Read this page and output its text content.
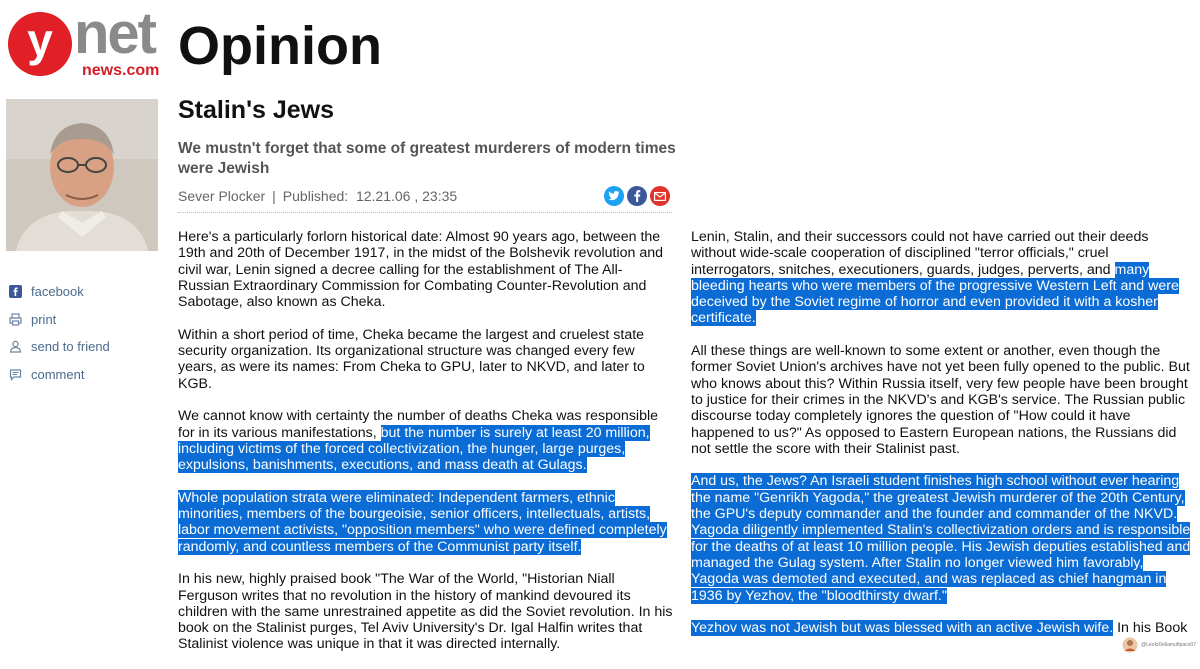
y net
news.com Opinion
facebook
print
send to friend
comment
Stalin's Jews
We mustn't forget that some of greatest murderers of modern times were Jewish
Sever Plocker | Published: 12.21.06 , 23:35

Here's a particularly forlorn historical date: Almost 90 years ago, between the 19th and 20th of December 1917, in the midst of the Bolshevik revolution and civil war, Lenin signed a decree calling for the establishment of The All-Russian Extraordinary Commission for Combating Counter-Revolution and Sabotage, also known as Cheka.

Within a short period of time, Cheka became the largest and cruelest state security organization. Its organizational structure was changed every few years, as were its names: From Cheka to GPU, later to NKVD, and later to KGB.

We cannot know with certainty the number of deaths Cheka was responsible for in its various manifestations, but the number is surely at least 20 million, including victims of the forced collectivization, the hunger, large purges, expulsions, banishments, executions, and mass death at Gulags.

Whole population strata were eliminated: Independent farmers, ethnic minorities, members of the bourgeoisie, senior officers, intellectuals, artists, labor movement activists, "opposition members" who were defined completely randomly, and countless members of the Communist party itself.

In his new, highly praised book "The War of the World, "Historian Niall Ferguson writes that no revolution in the history of mankind devoured its children with the same unrestrained appetite as did the Soviet revolution. In his book on the Stalinist purges, Tel Aviv University's Dr. Igal Halfin writes that Stalinist violence was unique in that it was directed internally.

Lenin, Stalin, and their successors could not have carried out their deeds without wide-scale cooperation of disciplined "terror officials," cruel interrogators, snitches, executioners, guards, judges, perverts, and many bleeding hearts who were members of the progressive Western Left and were deceived by the Soviet regime of horror and even provided it with a kosher certificate.

All these things are well-known to some extent or another, even though the former Soviet Union's archives have not yet been fully opened to the public. But who knows about this? Within Russia itself, very few people have been brought to justice for their crimes in the NKVD's and KGB's service. The Russian public discourse today completely ignores the question of "How could it have happened to us?" As opposed to Eastern European nations, the Russians did not settle the score with their Stalinist past.

And us, the Jews? An Israeli student finishes high school without ever hearing the name "Genrikh Yagoda," the greatest Jewish murderer of the 20th Century, the GPU's deputy commander and the founder and commander of the NKVD. Yagoda diligently implemented Stalin's collectivization orders and is responsible for the deaths of at least 10 million people. His Jewish deputies established and managed the Gulag system. After Stalin no longer viewed him favorably, Yagoda was demoted and executed, and was replaced as chief hangman in 1936 by Yezhov, the "bloodthirsty dwarf."

Yezhov was not Jewish but was blessed with an active Jewish wife. In his Book

@LeoloDellamuftpaco07
